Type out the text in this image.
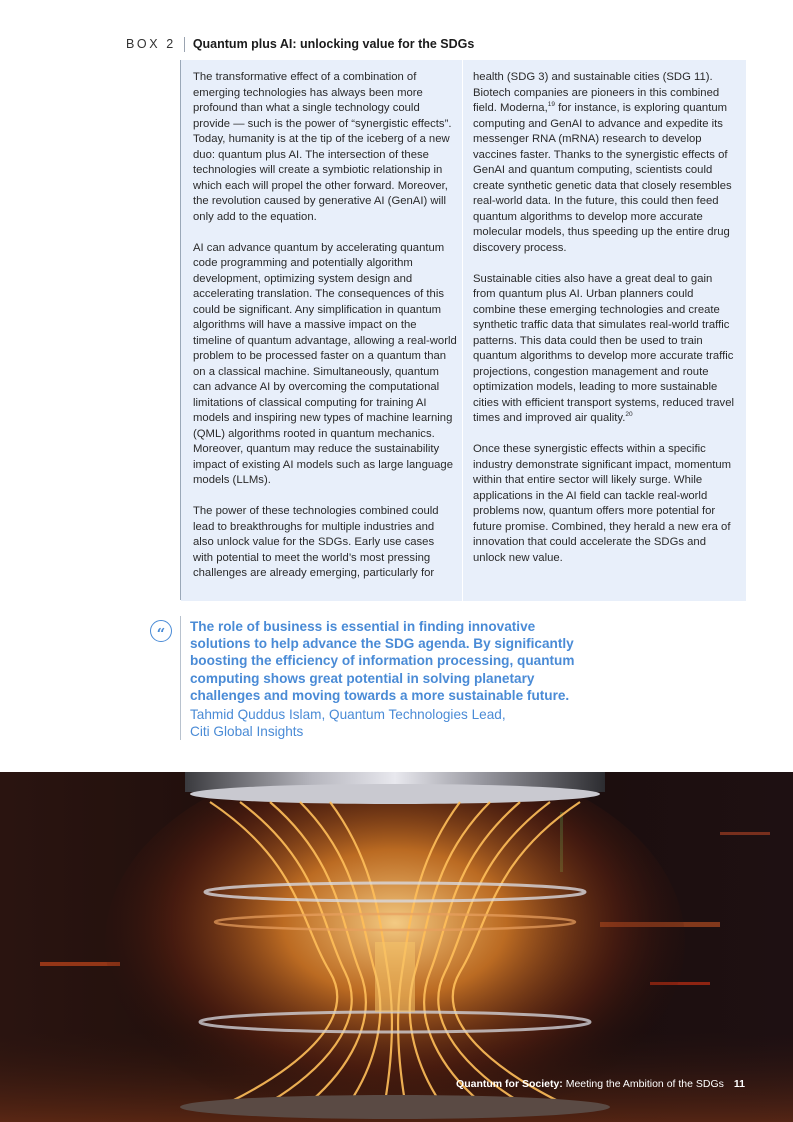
BOX 2 Quantum plus AI: unlocking value for the SDGs

The transformative effect of a combination of emerging technologies has always been more profound than what a single technology could provide — such is the power of “synergistic effects”. Today, humanity is at the tip of the iceberg of a new duo: quantum plus AI. The intersection of these technologies will create a symbiotic relationship in which each will propel the other forward. Moreover, the revolution caused by generative AI (GenAI) will only add to the equation.

AI can advance quantum by accelerating quantum code programming and potentially algorithm development, optimizing system design and accelerating translation. The consequences of this could be significant. Any simplification in quantum algorithms will have a massive impact on the timeline of quantum advantage, allowing a real-world problem to be processed faster on a quantum than on a classical machine. Simultaneously, quantum can advance AI by overcoming the computational limitations of classical computing for training AI models and inspiring new types of machine learning (QML) algorithms rooted in quantum mechanics. Moreover, quantum may reduce the sustainability impact of existing AI models such as large language models (LLMs).

The power of these technologies combined could lead to breakthroughs for multiple industries and also unlock value for the SDGs. Early use cases with potential to meet the world’s most pressing challenges are already emerging, particularly for

health (SDG 3) and sustainable cities (SDG 11). Biotech companies are pioneers in this combined field. Moderna,$^{19}$ for instance, is exploring quantum computing and GenAI to advance and expedite its messenger RNA (mRNA) research to develop vaccines faster. Thanks to the synergistic effects of GenAI and quantum computing, scientists could create synthetic genetic data that closely resembles real-world data. In the future, this could then feed quantum algorithms to develop more accurate molecular models, thus speeding up the entire drug discovery process.

Sustainable cities also have a great deal to gain from quantum plus AI. Urban planners could combine these emerging technologies and create synthetic traffic data that simulates real-world traffic patterns. This data could then be used to train quantum algorithms to develop more accurate traffic projections, congestion management and route optimization models, leading to more sustainable cities with efficient transport systems, reduced travel times and improved air quality.$^{20}$

Once these synergistic effects within a specific industry demonstrate significant impact, momentum within that entire sector will likely surge. While applications in the AI field can tackle real-world problems now, quantum offers more potential for future promise. Combined, they herald a new era of innovation that could accelerate the SDGs and unlock new value.

“	The role of business is essential in finding innovative solutions to help advance the SDG agenda. By significantly boosting the efficiency of information processing, quantum computing shows great potential in solving planetary challenges and moving towards a more sustainable future.
Tahmid Quddus Islam, Quantum Technologies Lead,
Citi Global Insights
Quantum for Society: Meeting the Ambition of the SDGs 11
